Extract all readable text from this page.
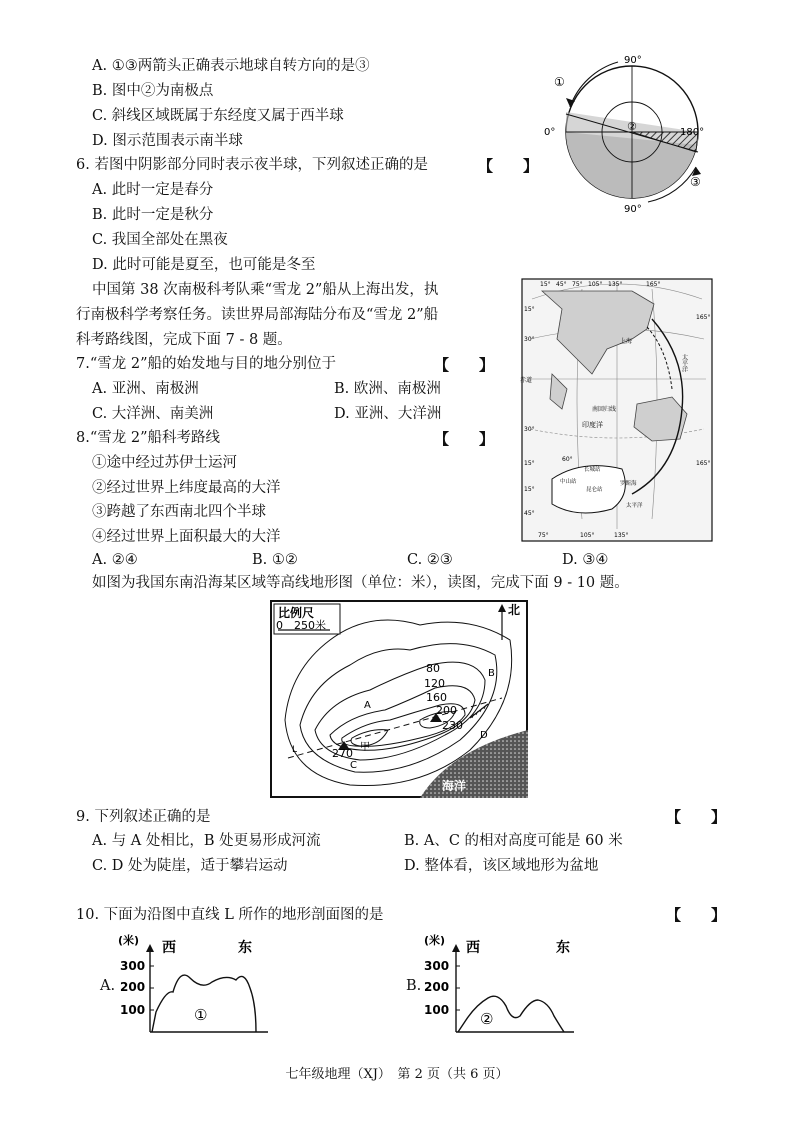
A. ①③两箭头正确表示地球自转方向的是③
B. 图中②为南极点
C. 斜线区域既属于东经度又属于西半球
D. 图示范围表示南半球
6. 若图中阴影部分同时表示夜半球，下列叙述正确的是	【　　】
A. 此时一定是春分
B. 此时一定是秋分
C. 我国全部处在黑夜
D. 此时可能是夏至，也可能是冬至
90°
90°
0°	180°
①
②
③
中国第 38 次南极科考队乘“雪龙 2”船从上海出发，执
行南极科学考察任务。读世界局部海陆分布及“雪龙 2”船
科考路线图，完成下面 7 - 8 题。
7.“雪龙 2”船的始发地与目的地分别位于	【　　】
A. 亚洲、南极洲	B. 欧洲、南极洲
C. 大洋洲、南美洲	D. 亚洲、大洋洲
8.“雪龙 2”船科考路线	【　　】
①途中经过苏伊士运河
②经过世界上纬度最高的大洋
③跨越了东西南北四个半球
④经过世界上面积最大的大洋
A. ②④	B. ①②	C. ②③	D. ③④
15° 45° 75° 105° 135°	165°
15°
30°
赤道
30°
15°
15°
45°
165°
165°
75°	105°	135°
上海
太平洋
印度洋
南回归线
长城站
中山站
昆仑站
罗斯海
太平洋
60°
如图为我国东南沿海某区域等高线地形图（单位：米），读图，完成下面 9 - 10 题。
比例尺
0　250米
北
80
120
160
200
230
270 甲
A
B
C
D
L
海洋
9. 下列叙述正确的是	【　　】
A. 与 A 处相比，B 处更易形成河流	B. A、C 的相对高度可能是 60 米
C. D 处为陡崖，适于攀岩运动	D. 整体看，该区域地形为盆地
10. 下面为沿图中直线 L 所作的地形剖面图的是	【　　】
(米) 西	东
300
200
100	①
A.
(米) 西	东
300
200
100 ②
B.
七年级地理（XJ）　第 2 页（共 6 页）
